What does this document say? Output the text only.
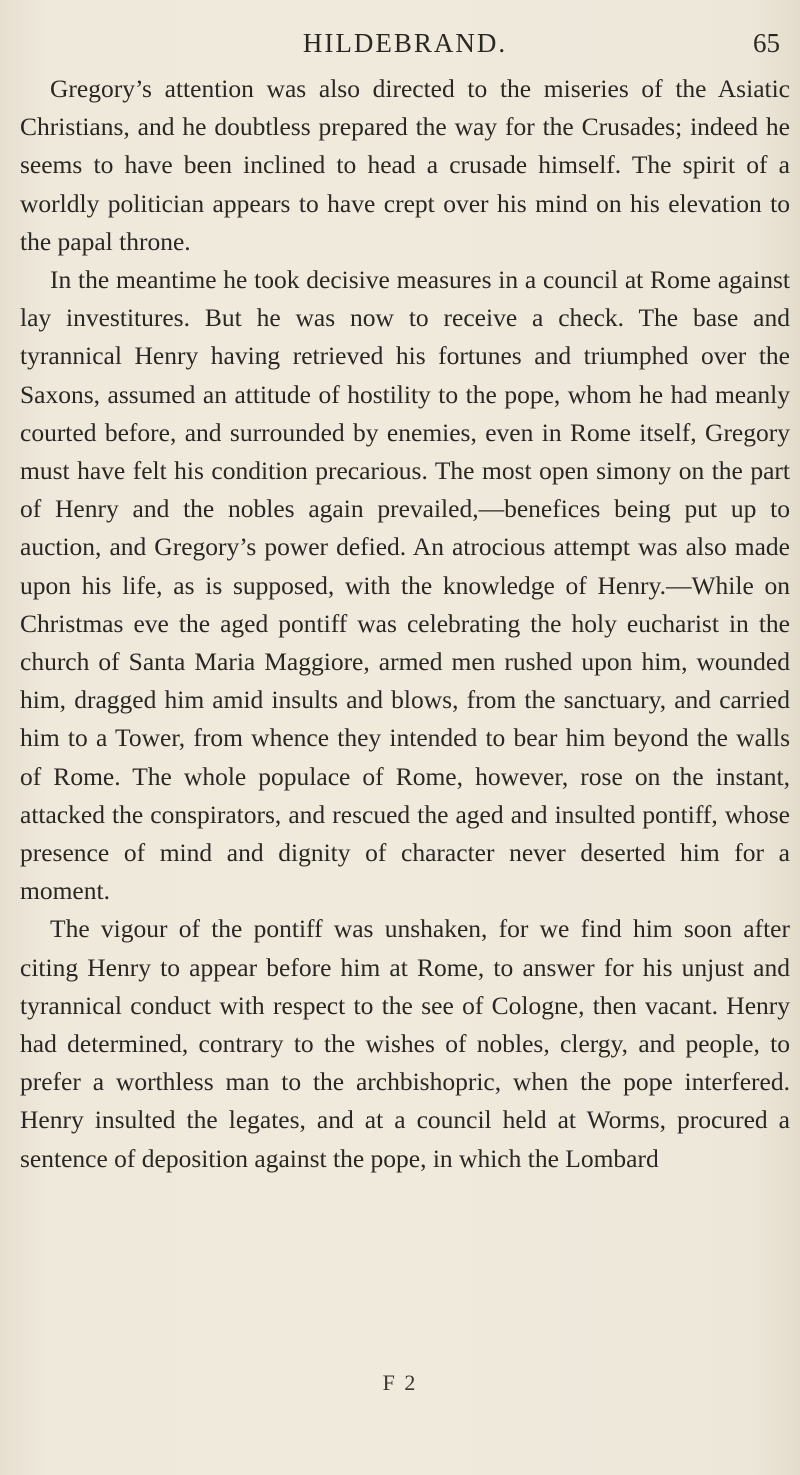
HILDEBRAND.	65

Gregory’s attention was also directed to the miseries of the Asiatic Christians, and he doubtless prepared the way for the Crusades; indeed he seems to have been inclined to head a crusade himself. The spirit of a worldly politician appears to have crept over his mind on his elevation to the papal throne.

In the meantime he took decisive measures in a council at Rome against lay investitures. But he was now to receive a check. The base and tyrannical Henry having retrieved his fortunes and triumphed over the Saxons, assumed an attitude of hostility to the pope, whom he had meanly courted before, and surrounded by enemies, even in Rome itself, Gregory must have felt his condition precarious. The most open simony on the part of Henry and the nobles again prevailed,—benefices being put up to auction, and Gregory’s power defied. An atrocious attempt was also made upon his life, as is supposed, with the knowledge of Henry.—While on Christmas eve the aged pontiff was celebrating the holy eucharist in the church of Santa Maria Maggiore, armed men rushed upon him, wounded him, dragged him amid insults and blows, from the sanctuary, and carried him to a Tower, from whence they intended to bear him beyond the walls of Rome. The whole populace of Rome, however, rose on the instant, attacked the conspirators, and rescued the aged and insulted pontiff, whose presence of mind and dignity of character never deserted him for a moment.

The vigour of the pontiff was unshaken, for we find him soon after citing Henry to appear before him at Rome, to answer for his unjust and tyrannical conduct with respect to the see of Cologne, then vacant. Henry had determined, contrary to the wishes of nobles, clergy, and people, to prefer a worthless man to the archbishopric, when the pope interfered. Henry insulted the legates, and at a council held at Worms, procured a sentence of deposition against the pope, in which the Lombard

F 2
